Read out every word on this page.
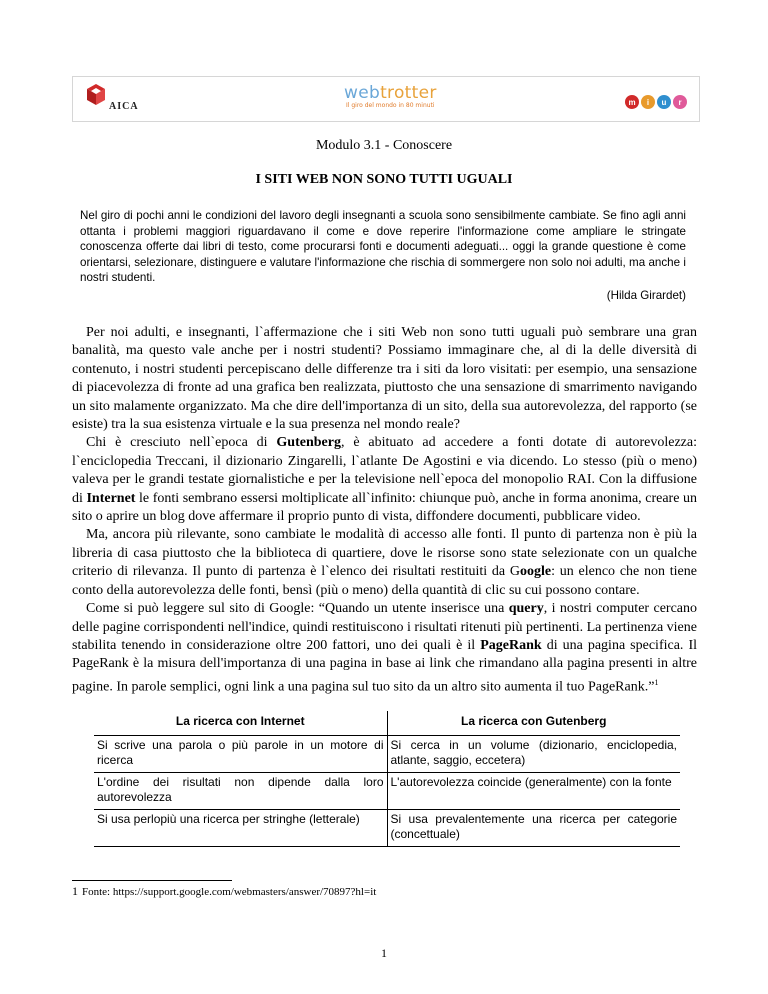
AICA
webtrotter
Il giro del mondo in 80 minuti	m i u r
Modulo 3.1 - Conoscere
I SITI WEB NON SONO TUTTI UGUALI

Nel giro di pochi anni le condizioni del lavoro degli insegnanti a scuola sono sensibilmente cambiate. Se fino agli anni ottanta i problemi maggiori riguardavano il come e dove reperire l'informazione come ampliare le stringate conoscenza offerte dai libri di testo, come procurarsi fonti e documenti adeguati... oggi la grande questione è come orientarsi, selezionare, distinguere e valutare l'informazione che rischia di sommergere non solo noi adulti, ma anche i nostri studenti.

(Hilda Girardet)

Per noi adulti, e insegnanti, l`affermazione che i siti Web non sono tutti uguali può sembrare una gran banalità, ma questo vale anche per i nostri studenti? Possiamo immaginare che, al di la delle diversità di contenuto, i nostri studenti percepiscano delle differenze tra i siti da loro visitati: per esempio, una sensazione di piacevolezza di fronte ad una grafica ben realizzata, piuttosto che una sensazione di smarrimento navigando un sito malamente organizzato. Ma che dire dell'importanza di un sito, della sua autorevolezza, del rapporto (se esiste) tra la sua esistenza virtuale e la sua presenza nel mondo reale?

Chi è cresciuto nell`epoca di Gutenberg, è abituato ad accedere a fonti dotate di autorevolezza: l`enciclopedia Treccani, il dizionario Zingarelli, l`atlante De Agostini e via dicendo. Lo stesso (più o meno) valeva per le grandi testate giornalistiche e per la televisione nell`epoca del monopolio RAI. Con la diffusione di Internet le fonti sembrano essersi moltiplicate all`infinito: chiunque può, anche in forma anonima, creare un sito o aprire un blog dove affermare il proprio punto di vista, diffondere documenti, pubblicare video.

Ma, ancora più rilevante, sono cambiate le modalità di accesso alle fonti. Il punto di partenza non è più la libreria di casa piuttosto che la biblioteca di quartiere, dove le risorse sono state selezionate con un qualche criterio di rilevanza. Il punto di partenza è l`elenco dei risultati restituiti da Google: un elenco che non tiene conto della autorevolezza delle fonti, bensì (più o meno) della quantità di clic su cui possono contare.

Come si può leggere sul sito di Google: “Quando un utente inserisce una query, i nostri computer cercano delle pagine corrispondenti nell'indice, quindi restituiscono i risultati ritenuti più pertinenti. La pertinenza viene stabilita tenendo in considerazione oltre 200 fattori, uno dei quali è il PageRank di una pagina specifica. Il PageRank è la misura dell'importanza di una pagina in base ai link che rimandano alla pagina presenti in altre pagine. In parole semplici, ogni link a una pagina sul tuo sito da un altro sito aumenta il tuo PageRank.”$^1$

La ricerca con Internet	La ricerca con Gutenberg
Si scrive una parola o più parole in un motore di ricerca	Si cerca in un volume (dizionario, enciclopedia, atlante, saggio, eccetera)
L'ordine dei risultati non dipende dalla loro autorevolezza	L'autorevolezza coincide (generalmente) con la fonte
Si usa perlopiù una ricerca per stringhe (letterale)	Si usa prevalentemente una ricerca per categorie (concettuale)
1 Fonte: https://support.google.com/webmasters/answer/70897?hl=it
1
